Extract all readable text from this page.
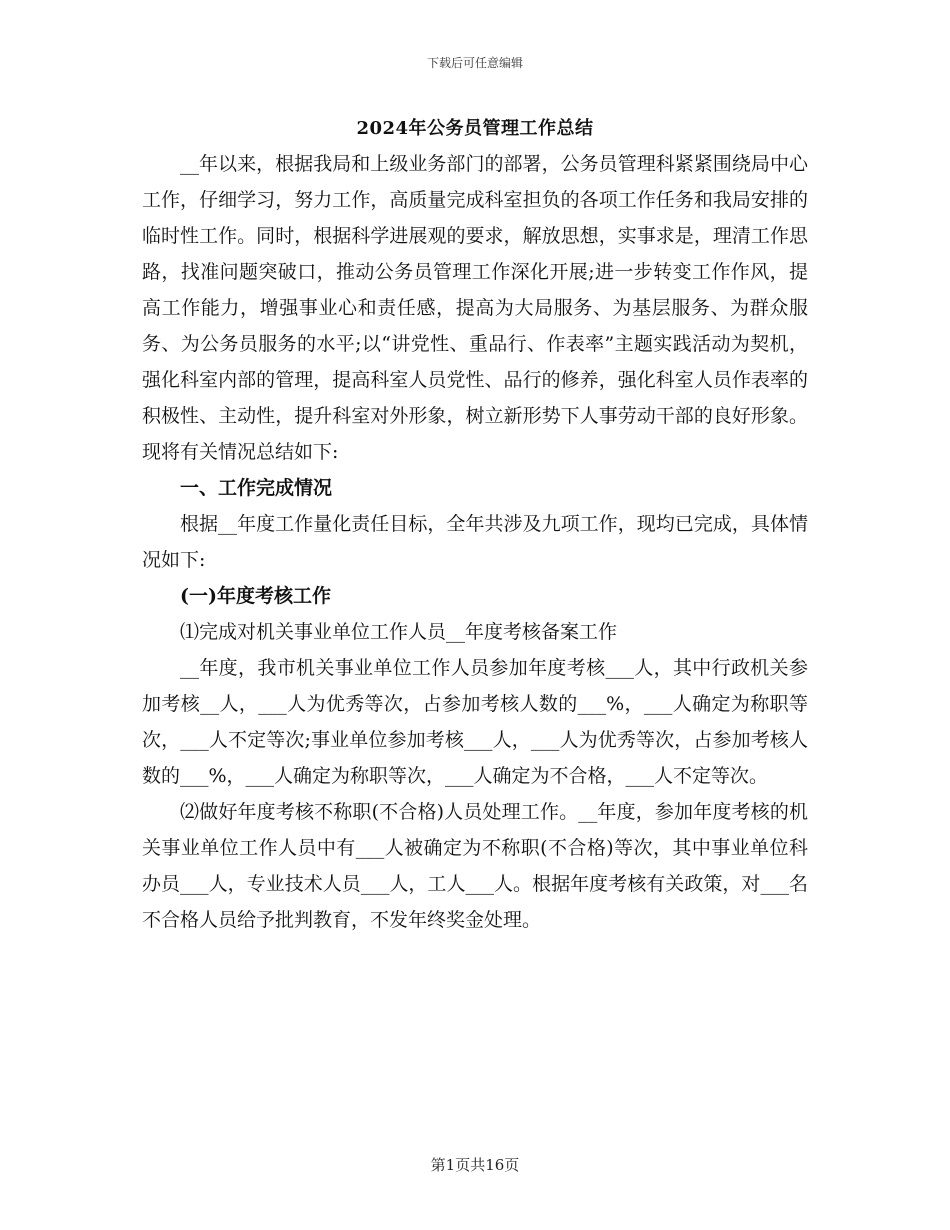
下载后可任意编辑
2024年公务员管理工作总结

__年以来，根据我局和上级业务部门的部署，公务员管理科紧紧围绕局中心工作，仔细学习，努力工作，高质量完成科室担负的各项工作任务和我局安排的临时性工作。同时，根据科学进展观的要求，解放思想，实事求是，理清工作思路，找准问题突破口，推动公务员管理工作深化开展;进一步转变工作作风，提高工作能力，增强事业心和责任感，提高为大局服务、为基层服务、为群众服务、为公务员服务的水平;以“讲党性、重品行、作表率”主题实践活动为契机，强化科室内部的管理，提高科室人员党性、品行的修养，强化科室人员作表率的积极性、主动性，提升科室对外形象，树立新形势下人事劳动干部的良好形象。现将有关情况总结如下:

一、工作完成情况

根据__年度工作量化责任目标，全年共涉及九项工作，现均已完成，具体情况如下:

(一)年度考核工作

⑴完成对机关事业单位工作人员__年度考核备案工作

__年度，我市机关事业单位工作人员参加年度考核___人，其中行政机关参加考核__人，___人为优秀等次，占参加考核人数的___%，___人确定为称职等次，___人不定等次;事业单位参加考核___人，___人为优秀等次，占参加考核人数的___%，___人确定为称职等次，___人确定为不合格，___人不定等次。

⑵做好年度考核不称职(不合格)人员处理工作。__年度，参加年度考核的机关事业单位工作人员中有___人被确定为不称职(不合格)等次，其中事业单位科办员___人，专业技术人员___人，工人___人。根据年度考核有关政策，对___名不合格人员给予批判教育，不发年终奖金处理。

第1页共16页
